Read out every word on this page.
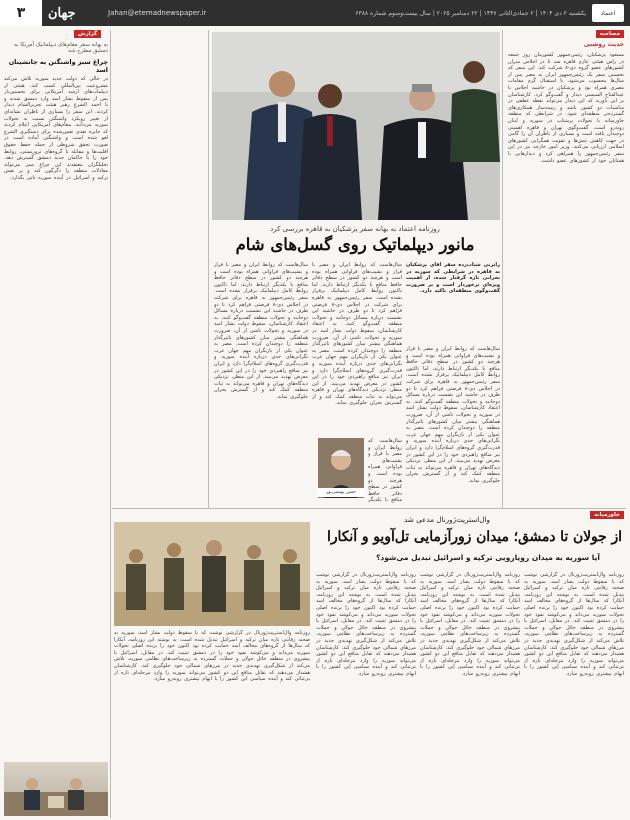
۳	جهان	Jahan@etemadnewspaper.ir	یکشنبه ۲ دی ۱۴۰۴ | ۲ جمادی‌الثانی ۱۴۴۷ | ۲۲ دسامبر ۲۰۲۵ | سال بیست‌وسوم شماره ۶۳۸۸	اعتماد
مصاحبه
حدیث روشنی
مسعود پزشکیان، رئیس‌جمهور کشورمان روز جمعه در راس هیئتی عازم قاهره شد تا در اجلاس سران کشورهای عضو گروه دی-۸ شرکت کند. این سفر که نخستین سفر یک رئیس‌جمهور ایران به مصر پس از سال‌ها محسوب می‌شود، با استقبال گرم مقامات مصری همراه بود و پزشکیان در حاشیه اجلاس با عبدالفتاح السیسی دیدار و گفت‌وگو کرد. کارشناسان بر این باورند که این دیدار می‌تواند نقطه عطفی در مناسبات دو کشور باشد و زمینه‌ساز همکاری‌های گسترده‌تر منطقه‌ای شود. در شرایطی که منطقه خاورمیانه با تحولات پرشتاب در سوریه و لبنان روبه‌رو است، گفت‌وگوی تهران و قاهره اهمیتی دوچندان یافته است و بسیاری از ناظران آن را گامی در جهت کاهش تنش‌ها و تقویت همگرایی کشورهای اسلامی ارزیابی می‌کنند. وزیر امور خارجه نیز در این سفر رئیس‌جمهور را همراهی کرد و دیدارهایی با همتایان خود از کشورهای عضو داشت.
گزارش
به بهانه سفر مقام‌های دیپلماتیک آمریکا به دمشق مطرح شد
چراغ سبز واشنگتن به جانشینان اسد
در حالی که دولت جدید سوریه تلاش می‌کند مشروعیت بین‌المللی کسب کند، هیئتی از دیپلمات‌های ارشد آمریکایی برای نخستین‌بار پس از سقوط بشار اسد وارد دمشق شدند و با احمد الشرع رهبر هیئت تحریرالشام دیدار کردند. این سفر را بسیاری از ناظران نشانه‌ای از تغییر رویکرد واشنگتن نسبت به تحولات سوریه می‌دانند. مقام‌های آمریکایی اعلام کردند که جایزه نقدی تعیین‌شده برای دستگیری الشرع لغو شده است و واشنگتن آماده است در صورت تحقق شروطی از جمله حفظ حقوق اقلیت‌ها و مقابله با گروه‌های تروریستی، روابط خود را با حاکمان جدید دمشق گسترش دهد. تحلیلگران معتقدند این چراغ سبز می‌تواند معادلات منطقه را دگرگون کند و بر نقش ترکیه و اسرائیل در آینده سوریه تاثیر بگذارد.
روزنامه اعتماد به بهانه سفر پزشکیان به قاهره بررسی کرد
مانور دیپلماتیک روی گسل‌های شام
رایزنی شتاب‌زده سفر آقای پزشکیان به قاهره در شرایطی که سوریه در بحرانی تازه گرفتار شده، از اهمیت ویژه‌ای برخوردار است و بر ضرورت گفت‌وگوی منطقه‌ای تاکید دارد.
سال‌هاست که روابط ایران و مصر با فراز و نشیب‌های فراوانی همراه بوده است و هرچند دو کشور در سطح دفاتر حافظ منافع با یکدیگر ارتباط دارند، اما تاکنون روابط کامل دیپلماتیک برقرار نشده است. سفر رئیس‌جمهور به قاهره برای شرکت در اجلاس دی-۸ فرصتی فراهم کرد تا دو طرف در حاشیه این نشست درباره مسائل دوجانبه و تحولات منطقه گفت‌وگو کنند. به اعتقاد کارشناسان، سقوط دولت بشار اسد در سوریه و تحولات ناشی از آن، ضرورت هماهنگی بیشتر میان کشورهای تاثیرگذار منطقه را دوچندان کرده است. مصر به عنوان یکی از بازیگران مهم جهان عرب نگرانی‌های جدی درباره آینده سوریه و قدرت‌گیری گروه‌های اسلام‌گرا دارد و ایران نیز منافع راهبردی خود را در این کشور در معرض تهدید می‌بیند. از این منظر، نزدیکی دیدگاه‌های تهران و قاهره می‌تواند به ثبات منطقه کمک کند و از گسترش بحران جلوگیری نماید.
سال‌هاست که روابط ایران و مصر با فراز و نشیب‌های فراوانی همراه بوده است و هرچند دو کشور در سطح دفاتر حافظ منافع با یکدیگر ارتباط دارند، اما تاکنون روابط کامل دیپلماتیک برقرار نشده است. سفر رئیس‌جمهور به قاهره برای شرکت در اجلاس دی-۸ فرصتی فراهم کرد تا دو طرف در حاشیه این نشست درباره مسائل دوجانبه و تحولات منطقه گفت‌وگو کنند. به اعتقاد کارشناسان، سقوط دولت بشار اسد در سوریه و تحولات ناشی از آن، ضرورت هماهنگی بیشتر میان کشورهای تاثیرگذار منطقه را دوچندان کرده است. مصر به عنوان یکی از بازیگران مهم جهان عرب نگرانی‌های جدی درباره آینده سوریه و قدرت‌گیری گروه‌های اسلام‌گرا دارد و ایران نیز منافع راهبردی خود را در این کشور در معرض تهدید می‌بیند. از این منظر، نزدیکی دیدگاه‌های تهران و قاهره می‌تواند به ثبات منطقه کمک کند و از گسترش بحران جلوگیری نماید.
سال‌هاست که روابط ایران و مصر با فراز و نشیب‌های فراوانی همراه بوده است و هرچند دو کشور در سطح دفاتر حافظ منافع با یکدیگر ارتباط دارند، اما تاکنون روابط کامل دیپلماتیک برقرار نشده است. سفر رئیس‌جمهور به قاهره برای شرکت در اجلاس دی-۸ فرصتی فراهم کرد تا دو طرف در حاشیه این نشست درباره مسائل دوجانبه و تحولات منطقه گفت‌وگو کنند. به اعتقاد کارشناسان، سقوط دولت بشار اسد در سوریه و تحولات ناشی از آن، ضرورت هماهنگی بیشتر میان کشورهای تاثیرگذار منطقه را دوچندان کرده است. مصر به عنوان یکی از بازیگران مهم جهان عرب نگرانی‌های جدی درباره آینده سوریه و قدرت‌گیری گروه‌های اسلام‌گرا دارد و ایران نیز منافع راهبردی خود را در این کشور در معرض تهدید می‌بیند. از این منظر، نزدیکی دیدگاه‌های تهران و قاهره می‌تواند به ثبات منطقه کمک کند و از گسترش بحران جلوگیری نماید.
حسن بهشتی‌پور
سال‌هاست که روابط ایران و مصر با فراز و نشیب‌های فراوانی همراه بوده است و هرچند دو کشور در سطح دفاتر حافظ منافع با یکدیگر
خاورمیانه
وال‌استریت‌ژورنال مدعی شد
از جولان تا دمشق؛ میدان زورآزمایی تل‌آویو و آنکارا
آیا سوریه به میدان رویارویی ترکیه و اسرائیل تبدیل می‌شود؟
روزنامه وال‌استریت‌ژورنال در گزارشی نوشت که با سقوط دولت بشار اسد، سوریه به صحنه رقابتی تازه میان ترکیه و اسرائیل تبدیل شده است. به نوشته این روزنامه، آنکارا که سال‌ها از گروه‌های مخالف اسد حمایت کرده بود اکنون خود را برنده اصلی تحولات سوریه می‌داند و می‌کوشد نفوذ خود را در دمشق تثبیت کند. در مقابل، اسرائیل با پیشروی در منطقه حائل جولان و حملات گسترده به زیرساخت‌های نظامی سوریه، تلاش می‌کند از شکل‌گیری تهدیدی جدید در مرزهای شمالی خود جلوگیری کند. کارشناسان هشدار می‌دهند که تقابل منافع این دو کشور می‌تواند سوریه را وارد مرحله‌ای تازه از بی‌ثباتی کند و آینده سیاسی این کشور را با ابهام بیشتری روبه‌رو سازد.
روزنامه وال‌استریت‌ژورنال در گزارشی نوشت که با سقوط دولت بشار اسد، سوریه به صحنه رقابتی تازه میان ترکیه و اسرائیل تبدیل شده است. به نوشته این روزنامه، آنکارا که سال‌ها از گروه‌های مخالف اسد حمایت کرده بود اکنون خود را برنده اصلی تحولات سوریه می‌داند و می‌کوشد نفوذ خود را در دمشق تثبیت کند. در مقابل، اسرائیل با پیشروی در منطقه حائل جولان و حملات گسترده به زیرساخت‌های نظامی سوریه، تلاش می‌کند از شکل‌گیری تهدیدی جدید در مرزهای شمالی خود جلوگیری کند. کارشناسان هشدار می‌دهند که تقابل منافع این دو کشور می‌تواند سوریه را وارد مرحله‌ای تازه از بی‌ثباتی کند و آینده سیاسی این کشور را با ابهام بیشتری روبه‌رو سازد.
روزنامه وال‌استریت‌ژورنال در گزارشی نوشت که با سقوط دولت بشار اسد، سوریه به صحنه رقابتی تازه میان ترکیه و اسرائیل تبدیل شده است. به نوشته این روزنامه، آنکارا که سال‌ها از گروه‌های مخالف اسد حمایت کرده بود اکنون خود را برنده اصلی تحولات سوریه می‌داند و می‌کوشد نفوذ خود را در دمشق تثبیت کند. در مقابل، اسرائیل با پیشروی در منطقه حائل جولان و حملات گسترده به زیرساخت‌های نظامی سوریه، تلاش می‌کند از شکل‌گیری تهدیدی جدید در مرزهای شمالی خود جلوگیری کند. کارشناسان هشدار می‌دهند که تقابل منافع این دو کشور می‌تواند سوریه را وارد مرحله‌ای تازه از بی‌ثباتی کند و آینده سیاسی این کشور را با ابهام بیشتری روبه‌رو سازد.
روزنامه وال‌استریت‌ژورنال در گزارشی نوشت که با سقوط دولت بشار اسد، سوریه به صحنه رقابتی تازه میان ترکیه و اسرائیل تبدیل شده است. به نوشته این روزنامه، آنکارا که سال‌ها از گروه‌های مخالف اسد حمایت کرده بود اکنون خود را برنده اصلی تحولات سوریه می‌داند و می‌کوشد نفوذ خود را در دمشق تثبیت کند. در مقابل، اسرائیل با پیشروی در منطقه حائل جولان و حملات گسترده به زیرساخت‌های نظامی سوریه، تلاش می‌کند از شکل‌گیری تهدیدی جدید در مرزهای شمالی خود جلوگیری کند. کارشناسان هشدار می‌دهند که تقابل منافع این دو کشور می‌تواند سوریه را وارد مرحله‌ای تازه از بی‌ثباتی کند و آینده سیاسی این کشور را با ابهام بیشتری روبه‌رو سازد.
